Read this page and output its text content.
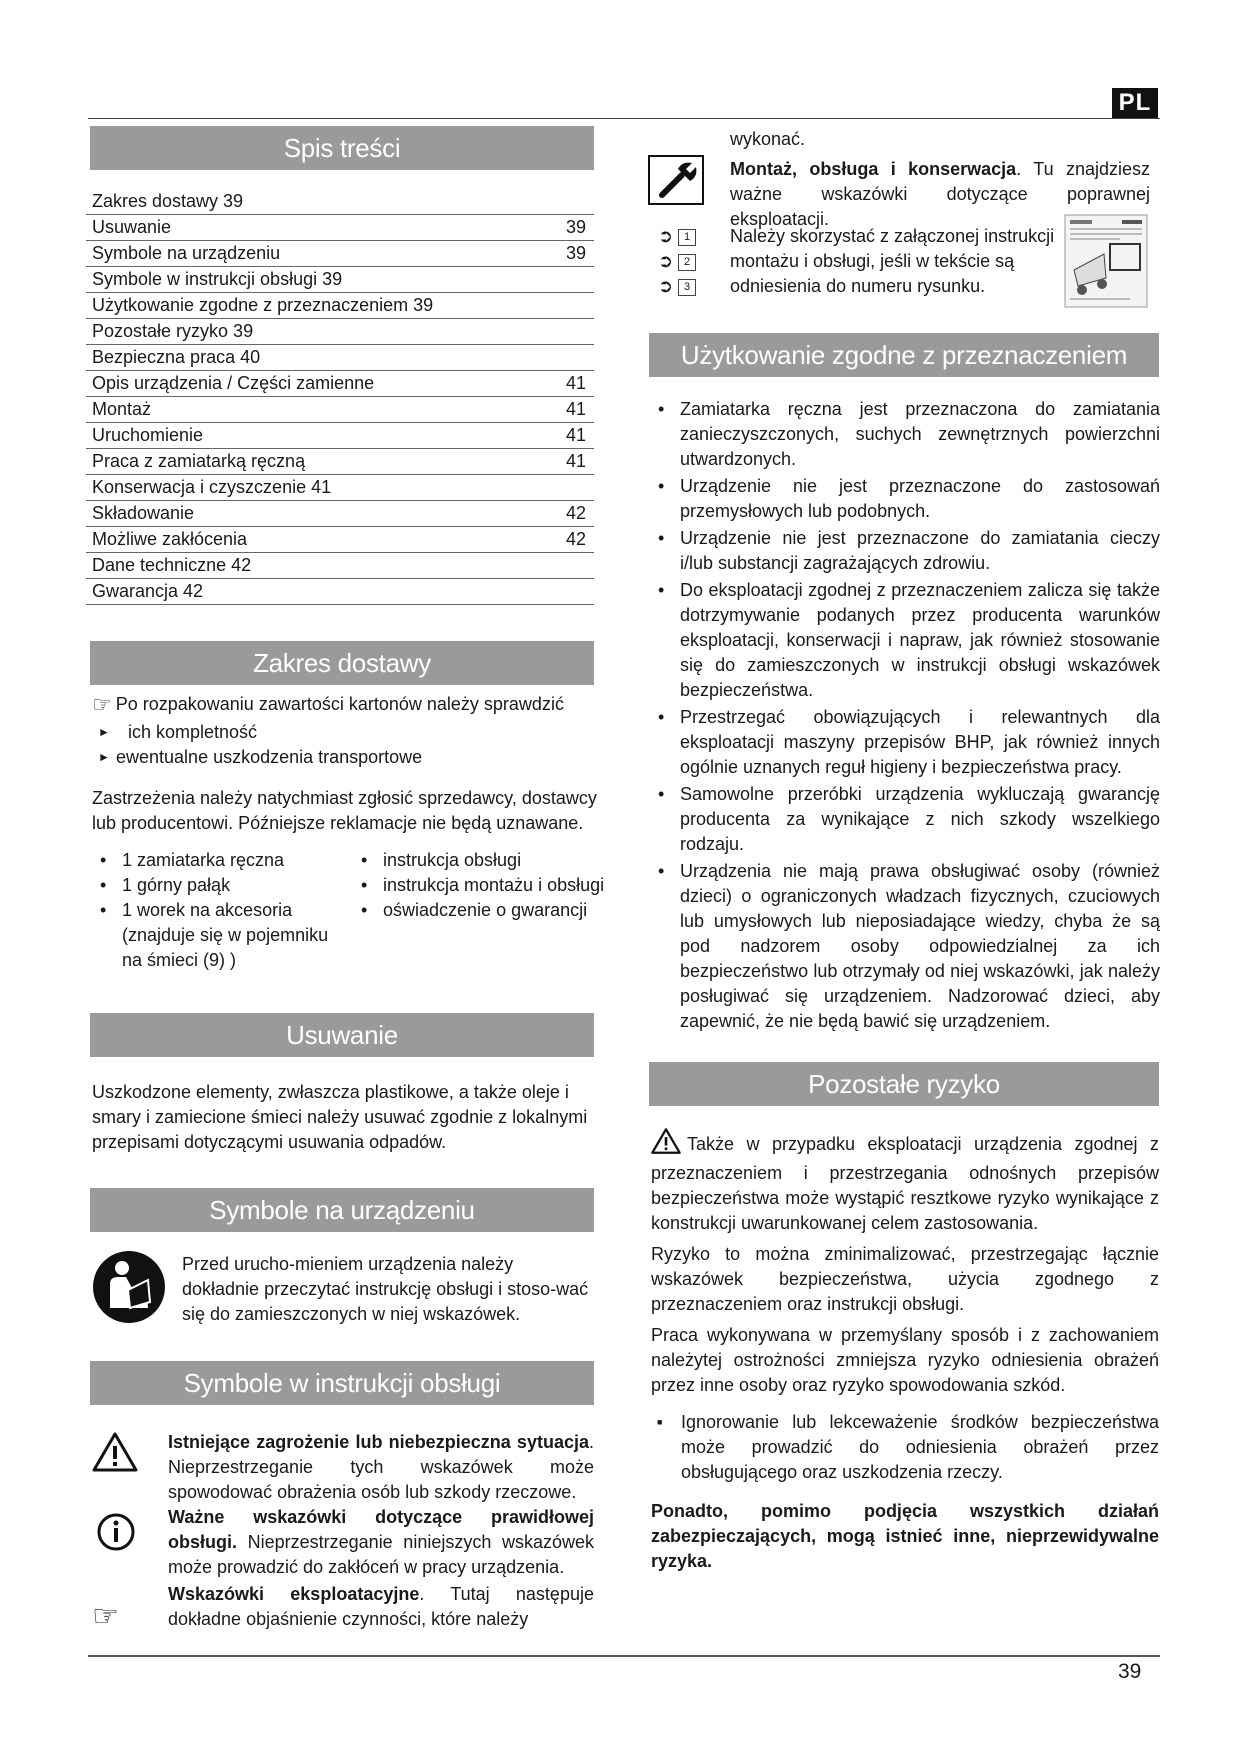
PL
Spis treści
Zakres dostawy 39
Usuwanie	39
Symbole na urządzeniu	39
Symbole w instrukcji obsługi 39
Użytkowanie zgodne z przeznaczeniem 39
Pozostałe ryzyko 39
Bezpieczna praca 40
Opis urządzenia / Części zamienne	41
Montaż	41
Uruchomienie	41
Praca z zamiatarką ręczną	41
Konserwacja i czyszczenie 41
Składowanie	42
Możliwe zakłócenia	42
Dane techniczne 42
Gwarancja 42
Zakres dostawy
☞ Po rozpakowaniu zawartości kartonów należy sprawdzić
► ich kompletność
► ewentualne uszkodzenia transportowe

Zastrzeżenia należy natychmiast zgłosić sprzedawcy, dostawcy lub producentowi. Późniejsze reklamacje nie będą uznawane.

• 1 zamiatarka ręczna
• 1 górny pałąk
• 1 worek na akcesoria (znajduje się w pojemniku na śmieci (9) )
• instrukcja obsługi
• instrukcja montażu i obsługi
• oświadczenie o gwarancji
Usuwanie

Uszkodzone elementy, zwłaszcza plastikowe, a także oleje i smary i zamiecione śmieci należy usuwać zgodnie z lokalnymi przepisami dotyczącymi usuwania odpadów.

Symbole na urządzeniu

Przed urucho-mieniem urządzenia należy dokładnie przeczytać instrukcję obsługi i stoso-wać się do zamieszczonych w niej wskazówek.

Symbole w instrukcji obsługi

Istniejące zagrożenie lub niebezpieczna sytuacja. Nieprzestrzeganie tych wskazówek może spowodować obrażenia osób lub szkody rzeczowe.

Ważne wskazówki dotyczące prawidłowej obsługi. Nieprzestrzeganie niniejszych wskazówek może prowadzić do zakłóceń w pracy urządzenia.

☞

Wskazówki eksploatacyjne. Tutaj następuje dokładne objaśnienie czynności, które należy

wykonać.

Montaż, obsługa i konserwacja. Tu znajdziesz ważne wskazówki dotyczące poprawnej eksploatacji.

➲ 1
➲ 2
➲ 3

Należy skorzystać z załączonej instrukcji montażu i obsługi, jeśli w tekście są odniesienia do numeru rysunku.

Użytkowanie zgodne z przeznaczeniem
• Zamiatarka ręczna jest przeznaczona do zamiatania zanieczyszczonych, suchych zewnętrznych powierzchni utwardzonych.
• Urządzenie nie jest przeznaczone do zastosowań przemysłowych lub podobnych.
• Urządzenie nie jest przeznaczone do zamiatania cieczy i/lub substancji zagrażających zdrowiu.
• Do eksploatacji zgodnej z przeznaczeniem zalicza się także dotrzymywanie podanych przez producenta warunków eksploatacji, konserwacji i napraw, jak również stosowanie się do zamieszczonych w instrukcji obsługi wskazówek bezpieczeństwa.
• Przestrzegać obowiązujących i relewantnych dla eksploatacji maszyny przepisów BHP, jak również innych ogólnie uznanych reguł higieny i bezpieczeństwa pracy.
• Samowolne przeróbki urządzenia wykluczają gwarancję producenta za wynikające z nich szkody wszelkiego rodzaju.
• Urządzenia nie mają prawa obsługiwać osoby (również dzieci) o ograniczonych władzach fizycznych, czuciowych lub umysłowych lub nieposiadające wiedzy, chyba że są pod nadzorem osoby odpowiedzialnej za ich bezpieczeństwo lub otrzymały od niej wskazówki, jak należy posługiwać się urządzeniem. Nadzorować dzieci, aby zapewnić, że nie będą bawić się urządzeniem.
Pozostałe ryzyko

Także w przypadku eksploatacji urządzenia zgodnej z przeznaczeniem i przestrzegania odnośnych przepisów bezpieczeństwa może wystąpić resztkowe ryzyko wynikające z konstrukcji uwarunkowanej celem zastosowania.

Ryzyko to można zminimalizować, przestrzegając łącznie wskazówek bezpieczeństwa, użycia zgodnego z przeznaczeniem oraz instrukcji obsługi.

Praca wykonywana w przemyślany sposób i z zachowaniem należytej ostrożności zmniejsza ryzyko odniesienia obrażeń przez inne osoby oraz ryzyko spowodowania szkód.

■ Ignorowanie lub lekceważenie środków bezpieczeństwa może prowadzić do odniesienia obrażeń przez obsługującego oraz uszkodzenia rzeczy.

Ponadto, pomimo podjęcia wszystkich działań zabezpieczających, mogą istnieć inne, nieprzewidywalne ryzyka.

39
